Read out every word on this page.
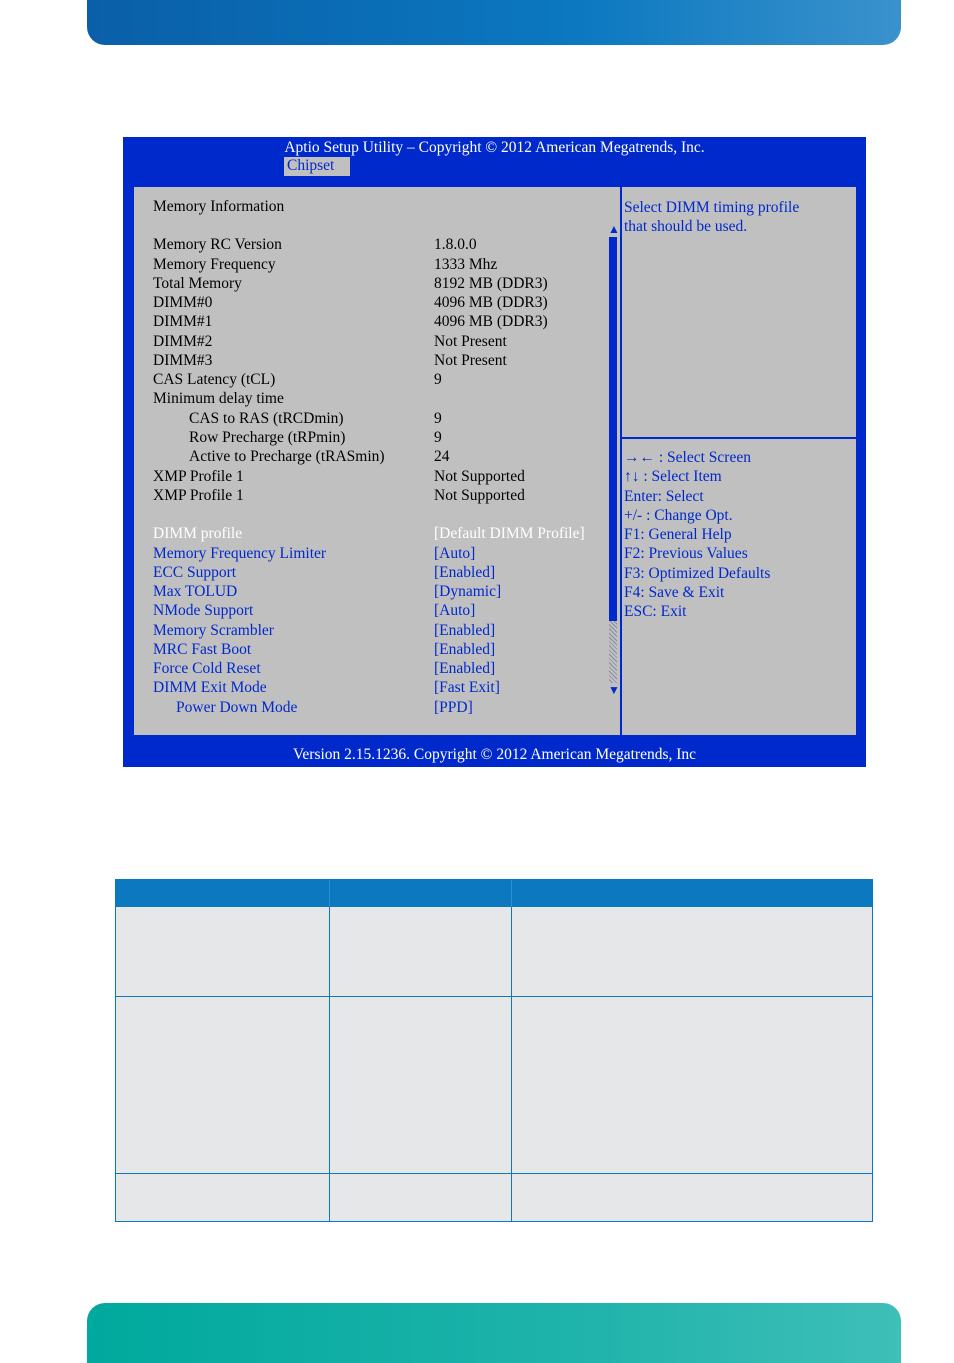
Aptio Setup Utility – Copyright © 2012 American Megatrends, Inc.
Chipset
Memory Information
Memory RC Version	1.8.0.0
Memory Frequency	1333 Mhz
Total Memory	8192 MB (DDR3)
DIMM#0	4096 MB (DDR3)
DIMM#1	4096 MB (DDR3)
DIMM#2	Not Present
DIMM#3	Not Present
CAS Latency (tCL)	9
Minimum delay time
CAS to RAS (tRCDmin)	9
Row Precharge (tRPmin)	9
Active to Precharge (tRASmin)	24
XMP Profile 1	Not Supported
XMP Profile 1	Not Supported
DIMM profile	[Default DIMM Profile]
Memory Frequency Limiter	[Auto]
ECC Support	[Enabled]
Max TOLUD	[Dynamic]
NMode Support	[Auto]
Memory Scrambler	[Enabled]
MRC Fast Boot	[Enabled]
Force Cold Reset	[Enabled]
DIMM Exit Mode	[Fast Exit]
Power Down Mode	[PPD]
▲
▼
Select DIMM timing profile
that should be used.
→← : Select Screen
↑↓ : Select Item
Enter: Select
+/- : Change Opt.
F1: General Help
F2: Previous Values
F3: Optimized Defaults
F4: Save & Exit
ESC: Exit
Version 2.15.1236. Copyright © 2012 American Megatrends, Inc
